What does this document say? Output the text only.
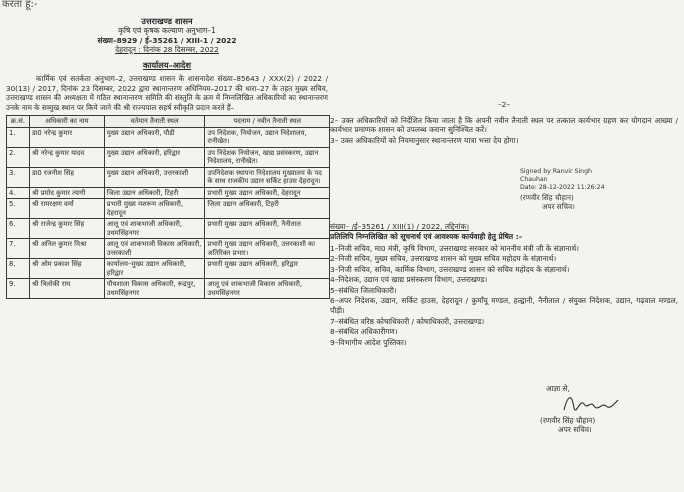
करता हूं:-
उत्तराखण्ड शासन
कृषि एवं कृषक कल्याण अनुभाग–1
संख्या–8929 / ई–35261 / XIII-1 / 2022
देहरादून : दिनांक 28 दिसम्बर, 2022
कार्यालय–आदेश
कार्मिक एवं सतर्कता अनुभाग–2, उत्तराखण्ड शासन के शासनादेश संख्या–85643 / XXX(2) / 2022 / 30(13) / 2017, दिनांक 23 दिसम्बर, 2022 द्वारा स्थानान्तरण अधिनियम–2017 की धारा–27 के तहत मुख्य सचिव, उत्तराखण्ड शासन की अध्यक्षता में गठित स्थानान्तरण समिति की संस्तुति के क्रम में निम्नलिखित अधिकारियों का स्थानान्तरण उनके नाम के सम्मुख स्थान पर किये जाने की श्री राज्यपाल सहर्ष स्वीकृति प्रदान करते हैं–
क्र.सं.	अधिकारी का नाम	वर्तमान तैनाती स्थल	पदनाम / नवीन तैनाती स्थल
1.	डा0 नरेन्द्र कुमार	मुख्य उद्यान अधिकारी, पौड़ी	उप निदेशक, नियोजन, उद्यान निदेशालय, रानीखेत।
2.	श्री नरेन्द्र कुमार यादव	मुख्य उद्यान अधिकारी, हरिद्वार	उप निदेशक नियोजन, खाद्य प्रसंस्करण, उद्यान निदेशालय, रानीखेत।
3.	डा0 रजनीश सिंह	मुख्य उद्यान अधिकारी, उत्तरकाशी	उपनिदेशक स्थापना निदेशालय मुख्यालय के पद के साथ राजकीय उद्यान सर्किट हाउस देहरादून।
4.	श्री प्रमोद कुमार त्यागी	जिला उद्यान अधिकारी, टिहरी	प्रभारी मुख्य उद्यान अधिकारी, देहरादून
5.	श्री रामरक्षण वर्मा	प्रभारी मुख्य मशरूम अधिकारी, देहरादून	जिला उद्यान अधिकारी, टिहरी
6.	श्री राजेन्द्र कुमार सिंह	आलू एवं शाकभाजी अधिकारी, उधमसिंहनगर	प्रभारी मुख्य उद्यान अधिकारी, नैनीताल
7.	श्री अनिल कुमार मिश्रा	आलू एवं शाकभाजी विकास अधिकारी, उत्तरकाशी	प्रभारी मुख्य उद्यान अधिकारी, उत्तरकाशी का अतिरिक्त प्रभार।
8.	श्री ओम प्रकाश सिंह	कार्यालय–मुख्य उद्यान अधिकारी, हरिद्वार	प्रभारी मुख्य उद्यान अधिकारी, हरिद्वार
9.	श्री त्रिलोकी राय	पौधशाला विकास अधिकारी, रूद्रपुर, उधमसिंहनगर	आलू एवं शाकभाजी विकास अधिकारी, उधमसिंहनगर
–2–
2– उक्त अधिकारियों को निर्देशित किया जाता है कि अपनी नवीन तैनाती स्थल पर तत्काल कार्यभार ग्रहण कर योगदान आख्या / कार्यभार प्रमाणक शासन को उपलब्ध कराना सुनिश्चित करें।
3– उक्त अधिकारियों को नियमानुसार स्थानान्तरण यात्रा भत्ता देय होगा।
Signed by Ranvir Singh
Chauhan
Date: 28-12-2022 11:26:24
(रणवीर सिंह चौहान)
अपर सचिव।
संख्या– /ई–35261 / XIII(1) / 2022, तद्दिनांक।
प्रतिलिपि निम्नलिखित को सूचनार्थ एवं आवश्यक कार्यवाही हेतु प्रेषित :–
1–निजी सचिव, मा0 मंत्री, कृषि विभाग, उत्तराखण्ड सरकार को माननीय मंत्री जी के संज्ञानार्थ।
2–निजी सचिव, मुख्य सचिव, उत्तराखण्ड शासन को मुख्य सचिव महोदय के संज्ञानार्थ।
3–निजी सचिव, सचिव, कार्मिक विभाग, उत्तराखण्ड शासन को सचिव महोदय के संज्ञानार्थ।
4–निदेशक, उद्यान एवं खाद्य प्रसंस्करण विभाग, उत्तराखण्ड।
5–संबंधित जिलाधिकारी।
6–अपर निदेशक, उद्यान, सर्किट हाउस, देहरादून / कुमाँयू मण्डल, हल्द्वानी, नैनीताल / संयुक्त निदेशक, उद्यान, गढ़वाल मण्डल, पौड़ी।
7–संबंधित वरिष्ठ कोषाधिकारी / कोषाधिकारी, उत्तराखण्ड।
8–संबंधित अधिकारीगण।
9–विभागीय आदेश पुस्तिका।
आज्ञा से,
(रणवीर सिंह चौहान)
अपर सचिव।
